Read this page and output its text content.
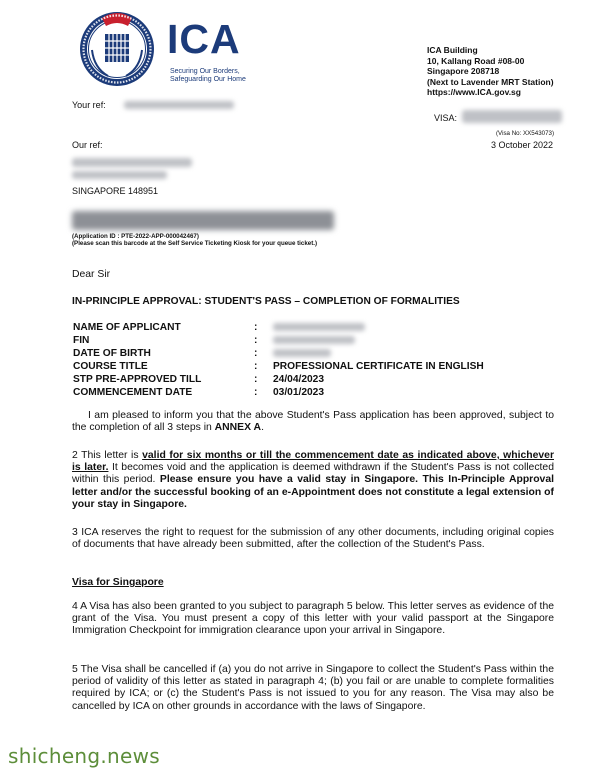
ICA
Securing Our Borders,
Safeguarding Our Home
ICA Building
10, Kallang Road #08-00
Singapore 208718
(Next to Lavender MRT Station)
https://www.ICA.gov.sg
Your ref:
VISA:
(Visa No: XX543073)
Our ref:	3 October 2022
SINGAPORE 148951
(Application ID : PTE-2022-APP-000042467)
(Please scan this barcode at the Self Service Ticketing Kiosk for your queue ticket.)
Dear Sir
IN-PRINCIPLE APPROVAL: STUDENT'S PASS – COMPLETION OF FORMALITIES
NAME OF APPLICANT	:	
FIN	:	
DATE OF BIRTH	:	
COURSE TITLE	:	PROFESSIONAL CERTIFICATE IN ENGLISH
STP PRE-APPROVED TILL	:	24/04/2023
COMMENCEMENT DATE	:	03/01/2023

I am pleased to inform you that the above Student's Pass application has been approved, subject to the completion of all 3 steps in ANNEX A.

2 This letter is valid for six months or till the commencement date as indicated above, whichever is later. It becomes void and the application is deemed withdrawn if the Student's Pass is not collected within this period. Please ensure you have a valid stay in Singapore. This In-Principle Approval letter and/or the successful booking of an e-Appointment does not constitute a legal extension of your stay in Singapore.

3 ICA reserves the right to request for the submission of any other documents, including original copies of documents that have already been submitted, after the collection of the Student's Pass.

Visa for Singapore

4 A Visa has also been granted to you subject to paragraph 5 below. This letter serves as evidence of the grant of the Visa. You must present a copy of this letter with your valid passport at the Singapore Immigration Checkpoint for immigration clearance upon your arrival in Singapore.

5 The Visa shall be cancelled if (a) you do not arrive in Singapore to collect the Student's Pass within the period of validity of this letter as stated in paragraph 4; (b) you fail or are unable to complete formalities required by ICA; or (c) the Student's Pass is not issued to you for any reason. The Visa may also be cancelled by ICA on other grounds in accordance with the laws of Singapore.

shicheng.news
